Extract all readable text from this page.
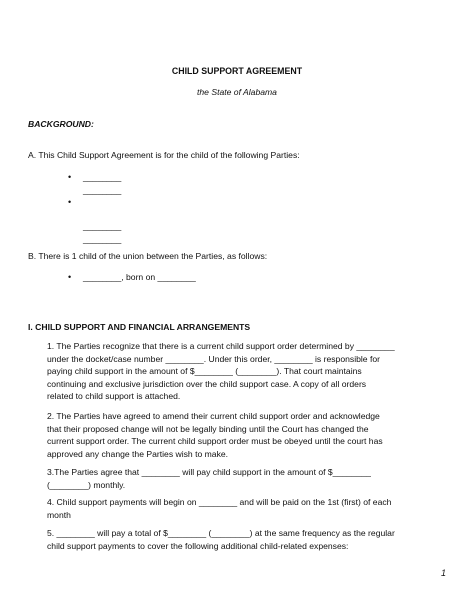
CHILD SUPPORT AGREEMENT
the State of Alabama
BACKGROUND:
A. This Child Support Agreement is for the child of the following Parties:
• ________
________
•
________
________
B. There is 1 child of the union between the Parties, as follows:
• ________, born on ________
I. CHILD SUPPORT AND FINANCIAL ARRANGEMENTS
1. The Parties recognize that there is a current child support order determined by ________
under the docket/case number ________. Under this order, ________ is responsible for
paying child support in the amount of $________ (________). That court maintains
continuing and exclusive jurisdiction over the child support case. A copy of all orders
related to child support is attached.
2. The Parties have agreed to amend their current child support order and acknowledge
that their proposed change will not be legally binding until the Court has changed the
current support order. The current child support order must be obeyed until the court has
approved any change the Parties wish to make.
3.The Parties agree that ________ will pay child support in the amount of $________
(________) monthly.
4. Child support payments will begin on ________ and will be paid on the 1st (first) of each
month
5. ________ will pay a total of $________ (________) at the same frequency as the regular
child support payments to cover the following additional child-related expenses:
1
